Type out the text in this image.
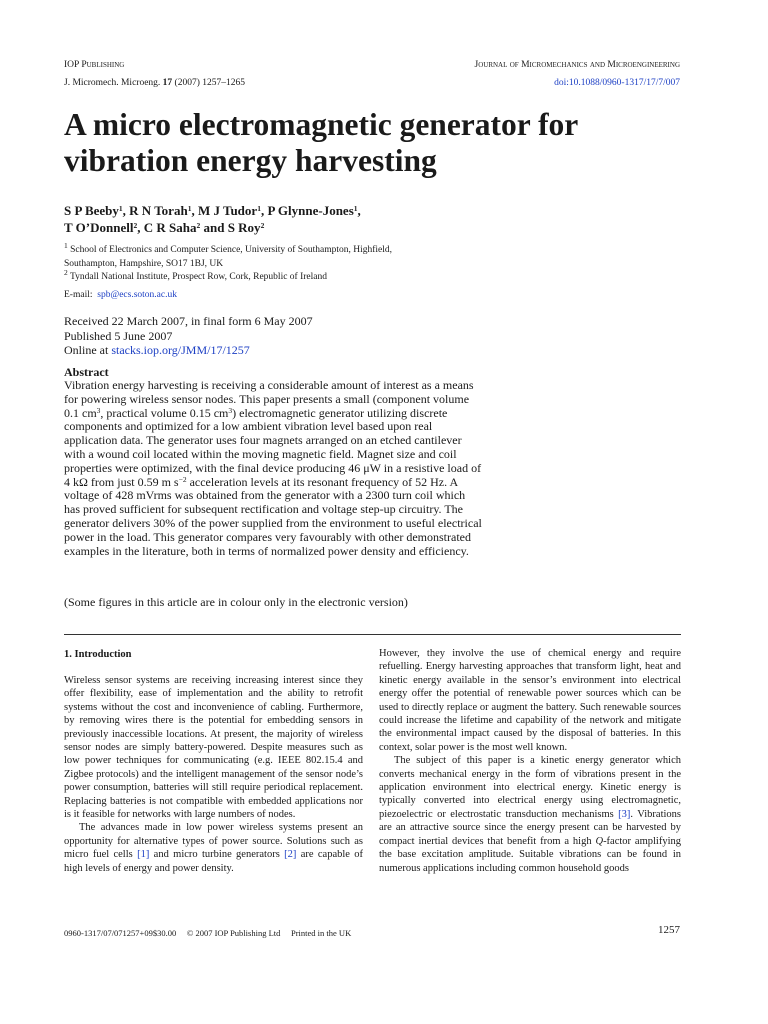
IOP Publishing	Journal of Micromechanics and Microengineering
J. Micromech. Microeng. 17 (2007) 1257–1265	doi:10.1088/0960-1317/17/7/007
A micro electromagnetic generator for vibration energy harvesting

S P Beeby$^1$, R N Torah$^1$, M J Tudor$^1$, P Glynne-Jones$^1$,
T O’Donnell$^2$, C R Saha$^2$ and S Roy$^2$

$^1$ School of Electronics and Computer Science, University of Southampton, Highfield,

Southampton, Hampshire, SO17 1BJ, UK

$^2$ Tyndall National Institute, Prospect Row, Cork, Republic of Ireland

E-mail: spb@ecs.soton.ac.uk

Received 22 March 2007, in final form 6 May 2007

Published 5 June 2007

Online at stacks.iop.org/JMM/17/1257

Abstract

Vibration energy harvesting is receiving a considerable amount of interest as a means for powering wireless sensor nodes. This paper presents a small (component volume 0.1 $cm^3$, practical volume 0.15 $cm^3$) electromagnetic generator utilizing discrete components and optimized for a low ambient vibration level based upon real application data. The generator uses four magnets arranged on an etched cantilever with a wound coil located within the moving magnetic field. Magnet size and coil properties were optimized, with the final device producing 46 μW in a resistive load of 4 kΩ from just 0.59 m $s^{-2}$ acceleration levels at its resonant frequency of 52 Hz. A voltage of 428 mVrms was obtained from the generator with a 2300 turn coil which has proved sufficient for subsequent rectification and voltage step-up circuitry. The generator delivers 30% of the power supplied from the environment to useful electrical power in the load. This generator compares very favourably with other demonstrated examples in the literature, both in terms of normalized power density and efficiency.

(Some figures in this article are in colour only in the electronic version)

1. Introduction

Wireless sensor systems are receiving increasing interest since they offer flexibility, ease of implementation and the ability to retrofit systems without the cost and inconvenience of cabling. Furthermore, by removing wires there is the potential for embedding sensors in previously inaccessible locations. At present, the majority of wireless sensor nodes are simply battery-powered. Despite measures such as low power techniques for communicating (e.g. IEEE 802.15.4 and Zigbee protocols) and the intelligent management of the sensor node’s power consumption, batteries will still require periodical replacement. Replacing batteries is not compatible with embedded applications nor is it feasible for networks with large numbers of nodes.

The advances made in low power wireless systems present an opportunity for alternative types of power source. Solutions such as micro fuel cells [1] and micro turbine generators [2] are capable of high levels of energy and power density.

However, they involve the use of chemical energy and require refuelling. Energy harvesting approaches that transform light, heat and kinetic energy available in the sensor’s environment into electrical energy offer the potential of renewable power sources which can be used to directly replace or augment the battery. Such renewable sources could increase the lifetime and capability of the network and mitigate the environmental impact caused by the disposal of batteries. In this context, solar power is the most well known.

The subject of this paper is a kinetic energy generator which converts mechanical energy in the form of vibrations present in the application environment into electrical energy. Kinetic energy is typically converted into electrical energy using electromagnetic, piezoelectric or electrostatic transduction mechanisms [3]. Vibrations are an attractive source since the energy present can be harvested by compact inertial devices that benefit from a high Q-factor amplifying the base excitation amplitude. Suitable vibrations can be found in numerous applications including common household goods

0960-1317/07/071257+09$30.00 © 2007 IOP Publishing Ltd Printed in the UK	1257
